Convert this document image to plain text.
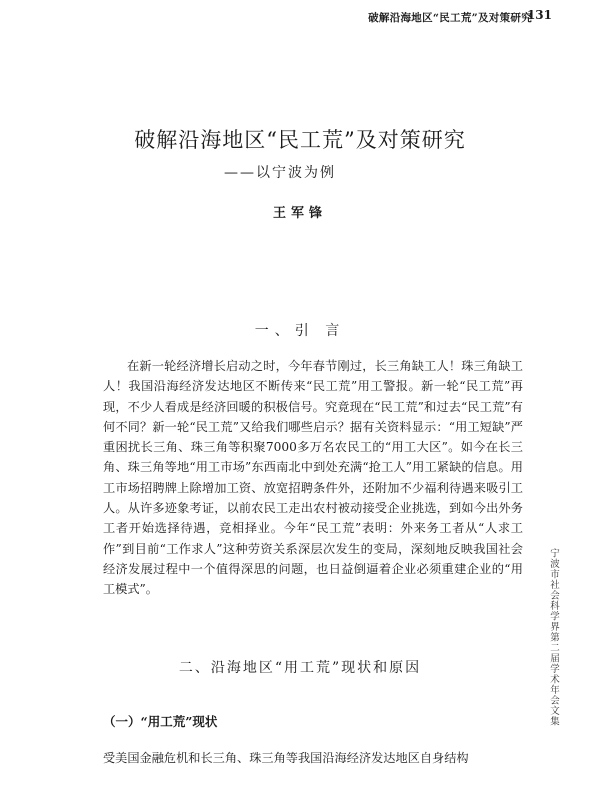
破解沿海地区“民工荒”及对策研究
131
破解沿海地区“民工荒”及对策研究
——以宁波为例
王军锋
一、引 言
在新一轮经济增长启动之时，今年春节刚过，长三角缺工人！珠三角缺工人！我国沿海经济发达地区不断传来“民工荒”用工警报。新一轮“民工荒”再现，不少人看成是经济回暖的积极信号。究竟现在“民工荒”和过去“民工荒”有何不同？新一轮“民工荒”又给我们哪些启示？据有关资料显示：“用工短缺”严重困扰长三角、珠三角等积聚7000多万名农民工的“用工大区”。如今在长三角、珠三角等地“用工市场”东西南北中到处充满“抢工人”用工紧缺的信息。用工市场招聘牌上除增加工资、放宽招聘条件外，还附加不少福利待遇来吸引工人。从许多迹象考证，以前农民工走出农村被动接受企业挑选，到如今出外务工者开始选择待遇，竞相择业。今年“民工荒”表明：外来务工者从“人求工作”到目前“工作求人”这种劳资关系深层次发生的变局，深刻地反映我国社会经济发展过程中一个值得深思的问题，也日益倒逼着企业必须重建企业的“用工模式”。
二、沿海地区“用工荒”现状和原因
（一）“用工荒”现状
受美国金融危机和长三角、珠三角等我国沿海经济发达地区自身结构
宁波市社会科学界第二届学术年会文集
